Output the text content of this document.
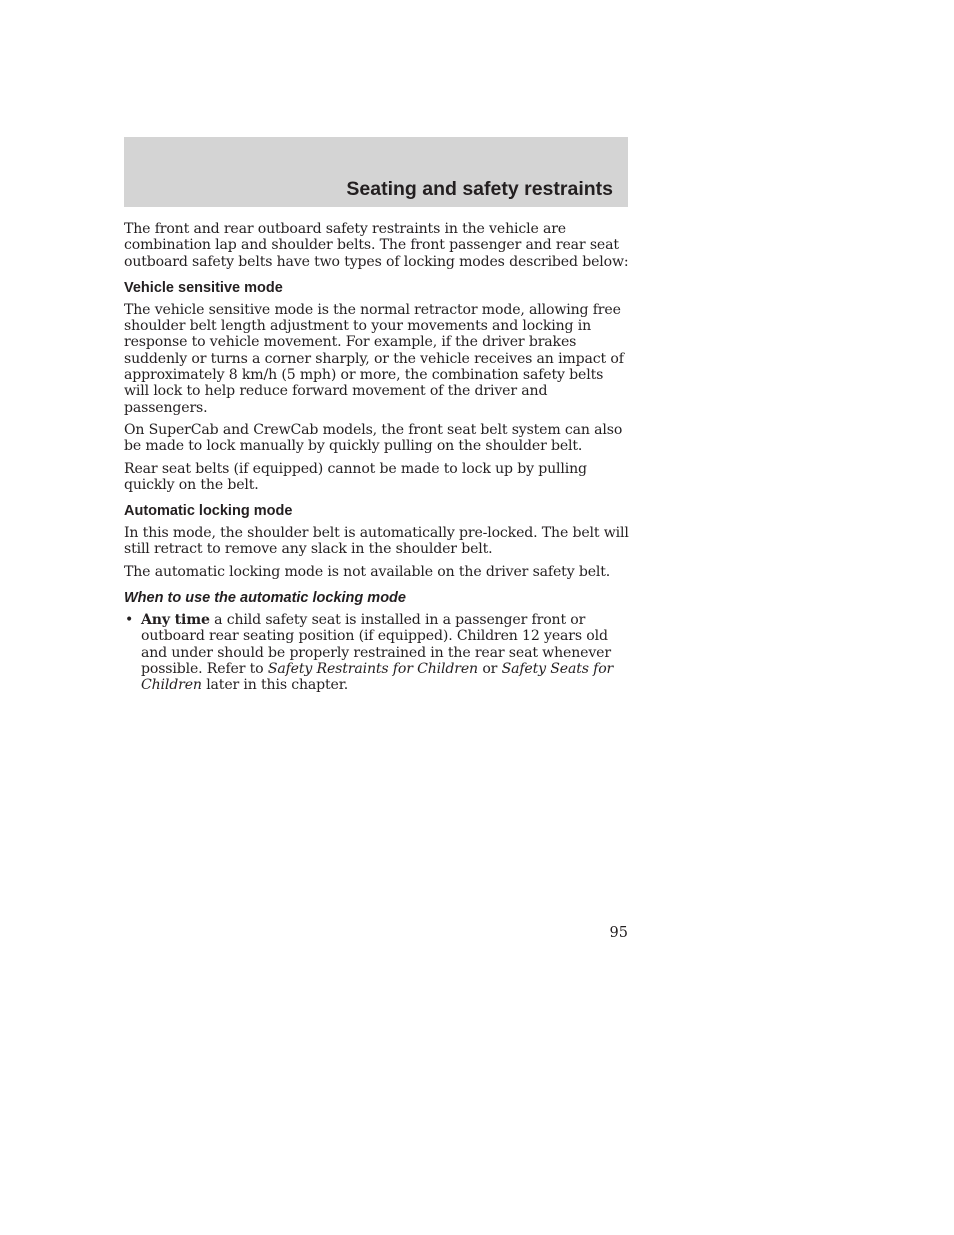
Seating and safety restraints

The front and rear outboard safety restraints in the vehicle are combination lap and shoulder belts. The front passenger and rear seat outboard safety belts have two types of locking modes described below:

Vehicle sensitive mode

The vehicle sensitive mode is the normal retractor mode, allowing free shoulder belt length adjustment to your movements and locking in response to vehicle movement. For example, if the driver brakes suddenly or turns a corner sharply, or the vehicle receives an impact of approximately 8 km/h (5 mph) or more, the combination safety belts will lock to help reduce forward movement of the driver and passengers.

On SuperCab and CrewCab models, the front seat belt system can also be made to lock manually by quickly pulling on the shoulder belt.

Rear seat belts (if equipped) cannot be made to lock up by pulling quickly on the belt.

Automatic locking mode

In this mode, the shoulder belt is automatically pre-locked. The belt will still retract to remove any slack in the shoulder belt.

The automatic locking mode is not available on the driver safety belt.

When to use the automatic locking mode
• Any time a child safety seat is installed in a passenger front or outboard rear seating position (if equipped). Children 12 years old and under should be properly restrained in the rear seat whenever possible. Refer to Safety Restraints for Children or Safety Seats for Children later in this chapter.
95
